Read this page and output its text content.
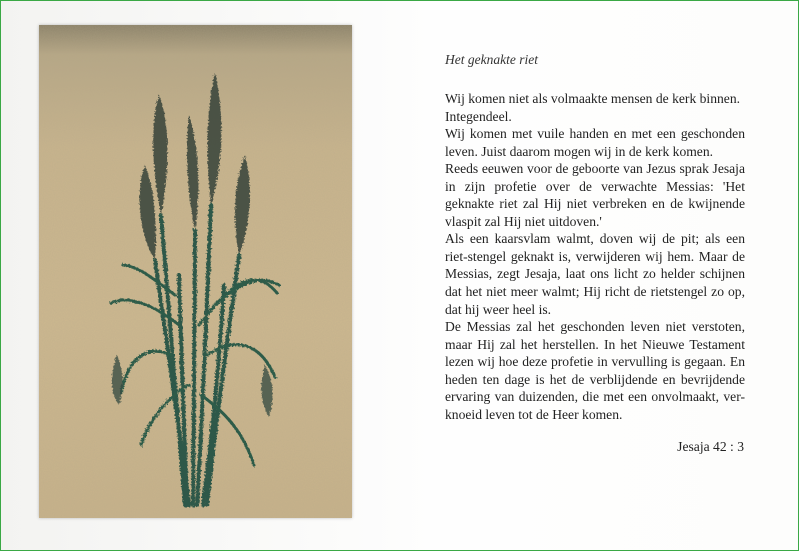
Het geknakte riet

Wij komen niet als volmaakte mensen de kerk binnen.

Integendeel.

Wij komen met vuile handen en met een geschonden leven. Juist daarom mogen wij in de kerk komen.

Reeds eeuwen voor de geboorte van Jezus sprak Jesaja in zijn profetie over de verwachte Messias: 'Het geknakte riet zal Hij niet verbreken en de kwijnende vlaspit zal Hij niet uitdoven.'

Als een kaarsvlam walmt, doven wij de pit; als een riet-stengel geknakt is, verwijderen wij hem. Maar de Messias, zegt Jesaja, laat ons licht zo helder schijnen dat het niet meer walmt; Hij richt de rietstengel zo op, dat hij weer heel is.

De Messias zal het geschonden leven niet verstoten, maar Hij zal het herstellen. In het Nieuwe Testament lezen wij hoe deze profetie in vervulling is gegaan. En heden ten dage is het de verblijdende en bevrijdende ervaring van duizenden, die met een onvolmaakt, ver-knoeid leven tot de Heer komen.

Jesaja 42 : 3
